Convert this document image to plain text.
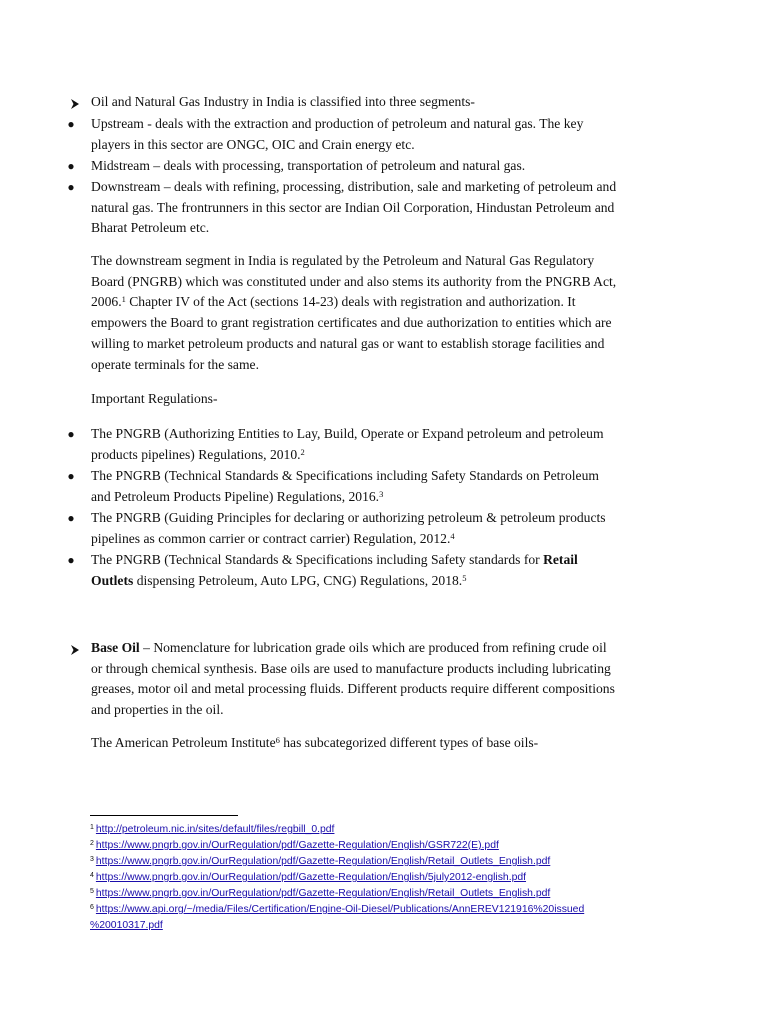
Oil and Natural Gas Industry in India is classified into three segments-
● Upstream - deals with the extraction and production of petroleum and natural gas. The key
players in this sector are ONGC, OIC and Crain energy etc.
● Midstream – deals with processing, transportation of petroleum and natural gas.
● Downstream – deals with refining, processing, distribution, sale and marketing of petroleum and
natural gas. The frontrunners in this sector are Indian Oil Corporation, Hindustan Petroleum and
Bharat Petroleum etc.
The downstream segment in India is regulated by the Petroleum and Natural Gas Regulatory
Board (PNGRB) which was constituted under and also stems its authority from the PNGRB Act,
2006.$^1$ Chapter IV of the Act (sections 14-23) deals with registration and authorization. It
empowers the Board to grant registration certificates and due authorization to entities which are
willing to market petroleum products and natural gas or want to establish storage facilities and
operate terminals for the same.
Important Regulations-
● The PNGRB (Authorizing Entities to Lay, Build, Operate or Expand petroleum and petroleum
products pipelines) Regulations, 2010.$^2$
● The PNGRB (Technical Standards & Specifications including Safety Standards on Petroleum
and Petroleum Products Pipeline) Regulations, 2016.$^3$
● The PNGRB (Guiding Principles for declaring or authorizing petroleum & petroleum products
pipelines as common carrier or contract carrier) Regulation, 2012.$^4$
● The PNGRB (Technical Standards & Specifications including Safety standards for Retail
Outlets dispensing Petroleum, Auto LPG, CNG) Regulations, 2018.$^5$
Base Oil – Nomenclature for lubrication grade oils which are produced from refining crude oil
or through chemical synthesis. Base oils are used to manufacture products including lubricating
greases, motor oil and metal processing fluids. Different products require different compositions
and properties in the oil.
The American Petroleum Institute$^6$ has subcategorized different types of base oils-
$^1$ http://petroleum.nic.in/sites/default/files/regbill_0.pdf
$^2$ https://www.pngrb.gov.in/OurRegulation/pdf/Gazette-Regulation/English/GSR722(E).pdf
$^3$ https://www.pngrb.gov.in/OurRegulation/pdf/Gazette-Regulation/English/Retail_Outlets_English.pdf
$^4$ https://www.pngrb.gov.in/OurRegulation/pdf/Gazette-Regulation/English/5july2012-english.pdf
$^5$ https://www.pngrb.gov.in/OurRegulation/pdf/Gazette-Regulation/English/Retail_Outlets_English.pdf
$^6$ https://www.api.org/~/media/Files/Certification/Engine-Oil-Diesel/Publications/AnnEREV121916%20issued
%20010317.pdf
